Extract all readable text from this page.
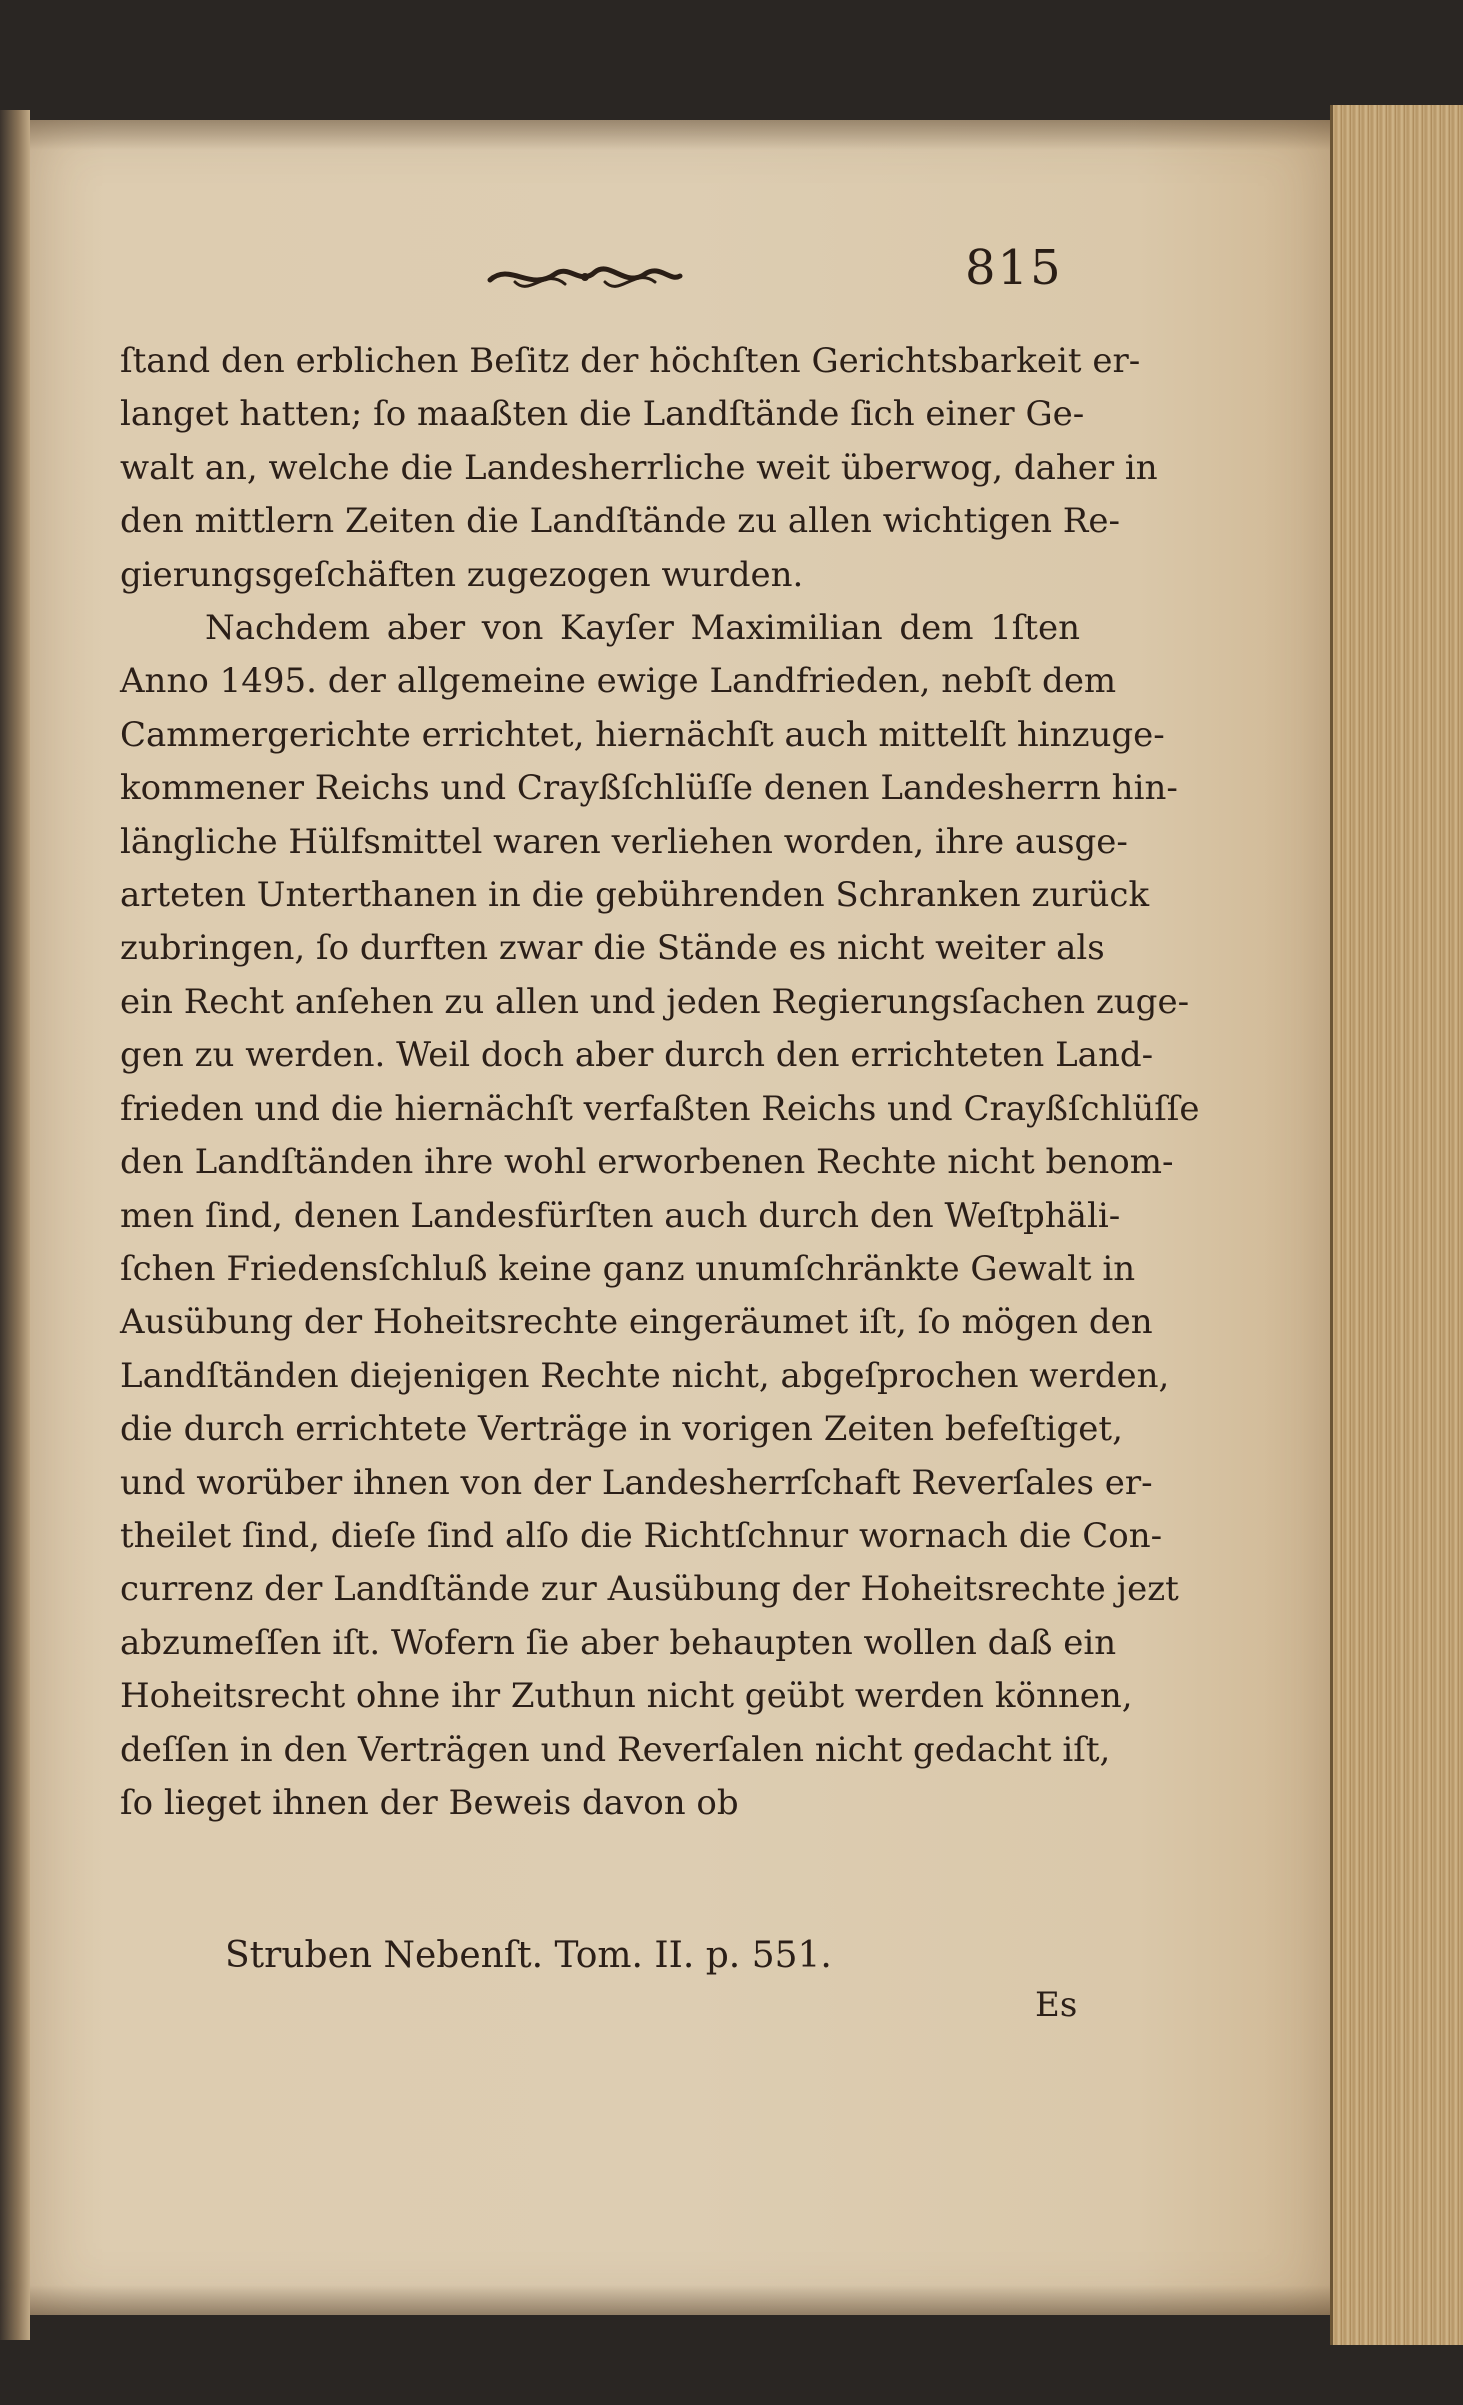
815
ſtand den erblichen Beſitz der höchſten Gerichtsbarkeit er-
langet hatten; ſo maaßten die Landſtände ſich einer Ge-
walt an, welche die Landesherrliche weit überwog, daher in
den mittlern Zeiten die Landſtände zu allen wichtigen Re-
gierungsgeſchäften zugezogen wurden.
Nachdem aber von Kayſer Maximilian dem 1ſten
Anno 1495. der allgemeine ewige Landfrieden, nebſt dem
Cammergerichte errichtet, hiernächſt auch mittelſt hinzuge-
kommener Reichs und Crayßſchlüſſe denen Landesherrn hin-
längliche Hülfsmittel waren verliehen worden, ihre ausge-
arteten Unterthanen in die gebührenden Schranken zurück
zubringen, ſo durften zwar die Stände es nicht weiter als
ein Recht anſehen zu allen und jeden Regierungsſachen zuge-
gen zu werden. Weil doch aber durch den errichteten Land-
frieden und die hiernächſt verfaßten Reichs und Crayßſchlüſſe
den Landſtänden ihre wohl erworbenen Rechte nicht benom-
men ſind, denen Landesfürſten auch durch den Weſtphäli-
ſchen Friedensſchluß keine ganz unumſchränkte Gewalt in
Ausübung der Hoheitsrechte eingeräumet iſt, ſo mögen den
Landſtänden diejenigen Rechte nicht, abgeſprochen werden,
die durch errichtete Verträge in vorigen Zeiten befeſtiget,
und worüber ihnen von der Landesherrſchaft Reverſales er-
theilet ſind, dieſe ſind alſo die Richtſchnur wornach die Con-
currenz der Landſtände zur Ausübung der Hoheitsrechte jezt
abzumeſſen iſt. Wofern ſie aber behaupten wollen daß ein
Hoheitsrecht ohne ihr Zuthun nicht geübt werden können,
deſſen in den Verträgen und Reverſalen nicht gedacht iſt,
ſo lieget ihnen der Beweis davon ob
Struben Nebenſt. Tom. II. p. 551.
Es
